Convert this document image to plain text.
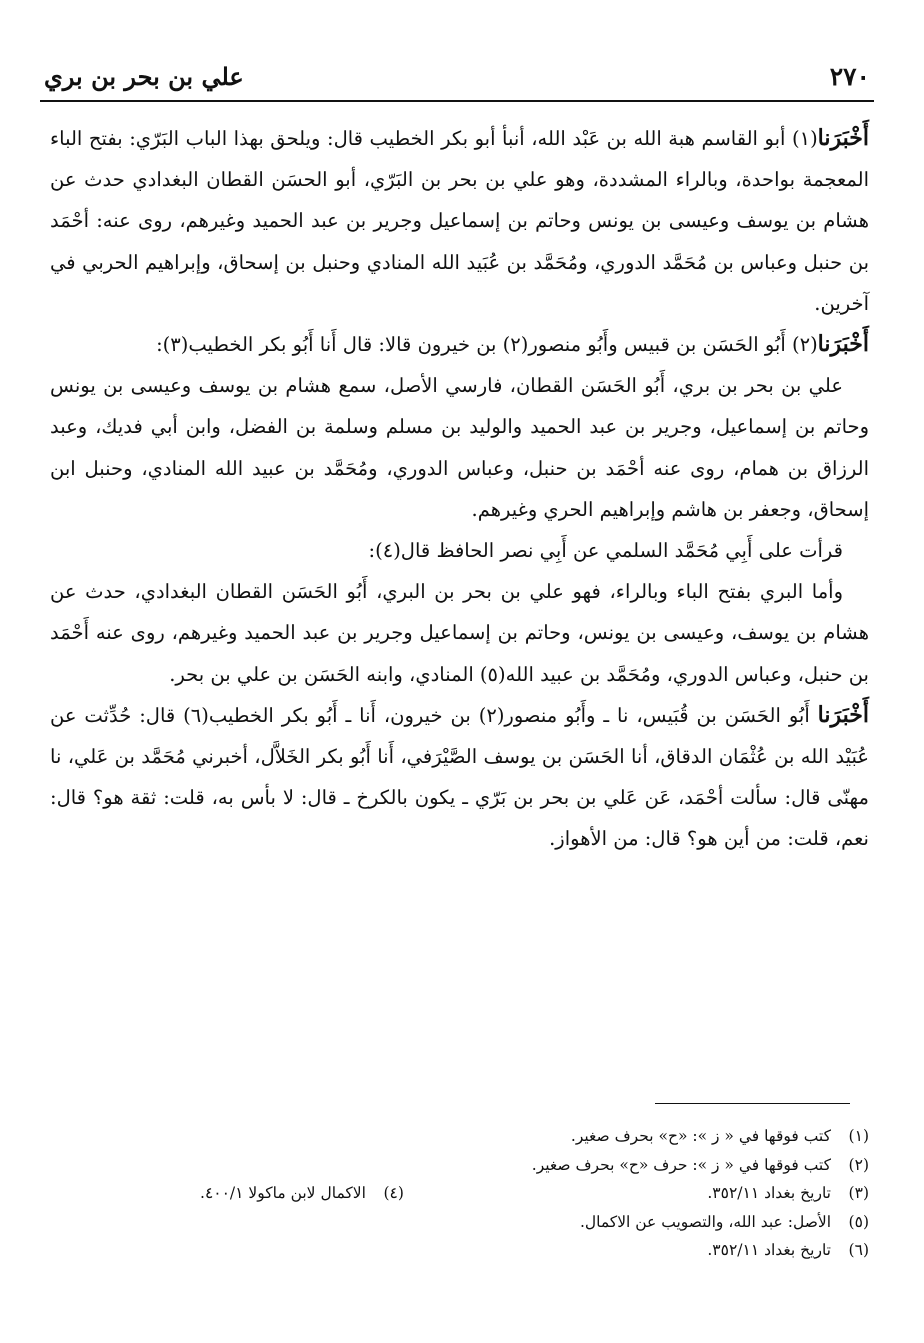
٢٧٠
علي بن بحر بن بري

أَخْبَرَنا(١) أبو القاسم هبة الله بن عَبْد الله، أنبأ أبو بكر الخطيب قال: ويلحق بهذا الباب البَرّي: بفتح الباء المعجمة بواحدة، وبالراء المشددة، وهو علي بن بحر بن البَرّي، أبو الحسَن القطان البغدادي حدث عن هشام بن يوسف وعيسى بن يونس وحاتم بن إسماعيل وجرير بن عبد الحميد وغيرهم، روى عنه: أحْمَد بن حنبل وعباس بن مُحَمَّد الدوري، ومُحَمَّد بن عُبَيد الله المنادي وحنبل بن إسحاق، وإبراهيم الحربي في آخرين.

أَخْبَرَنا(٢) أَبُو الحَسَن بن قبيس وأَبُو منصور(٢) بن خيرون قالا: قال أَنا أَبُو بكر الخطيب(٣):

علي بن بحر بن بري، أَبُو الحَسَن القطان، فارسي الأصل، سمع هشام بن يوسف وعيسى بن يونس وحاتم بن إسماعيل، وجرير بن عبد الحميد والوليد بن مسلم وسلمة بن الفضل، وابن أبي فديك، وعبد الرزاق بن همام، روى عنه أحْمَد بن حنبل، وعباس الدوري، ومُحَمَّد بن عبيد الله المنادي، وحنبل ابن إسحاق، وجعفر بن هاشم وإبراهيم الحري وغيرهم.

قرأت على أَبِي مُحَمَّد السلمي عن أَبِي نصر الحافظ قال(٤):

وأما البري بفتح الباء وبالراء، فهو علي بن بحر بن البري، أَبُو الحَسَن القطان البغدادي، حدث عن هشام بن يوسف، وعيسى بن يونس، وحاتم بن إسماعيل وجرير بن عبد الحميد وغيرهم، روى عنه أَحْمَد بن حنبل، وعباس الدوري، ومُحَمَّد بن عبيد الله(٥) المنادي، وابنه الحَسَن بن علي بن بحر.

أَخْبَرَنا أَبُو الحَسَن بن قُبَيس، نا ـ وأَبُو منصور(٢) بن خيرون، أَنا ـ أَبُو بكر الخطيب(٦) قال: حُدِّثت عن عُبَيْد الله بن عُثْمَان الدقاق، أنا الحَسَن بن يوسف الصَّيْرَفي، أَنا أَبُو بكر الخَلاَّل، أخبرني مُحَمَّد بن عَلي، نا مهنّى قال: سألت أحْمَد، عَن عَلي بن بحر بن بَرّي ـ يكون بالكرخ ـ قال: لا بأس به، قلت: ثقة هو؟ قال: نعم، قلت: من أين هو؟ قال: من الأهواز.

(١)كتب فوقها في « ز »: «ح» بحرف صغير.
(٢)كتب فوقها في « ز »: حرف «ح» بحرف صغير.
(٣)تاريخ بغداد ٣٥٢/١١.
(٤)الاكمال لابن ماكولا ٤٠٠/١.
(٥)الأصل: عبد الله، والتصويب عن الاكمال.
(٦)تاريخ بغداد ٣٥٢/١١.
